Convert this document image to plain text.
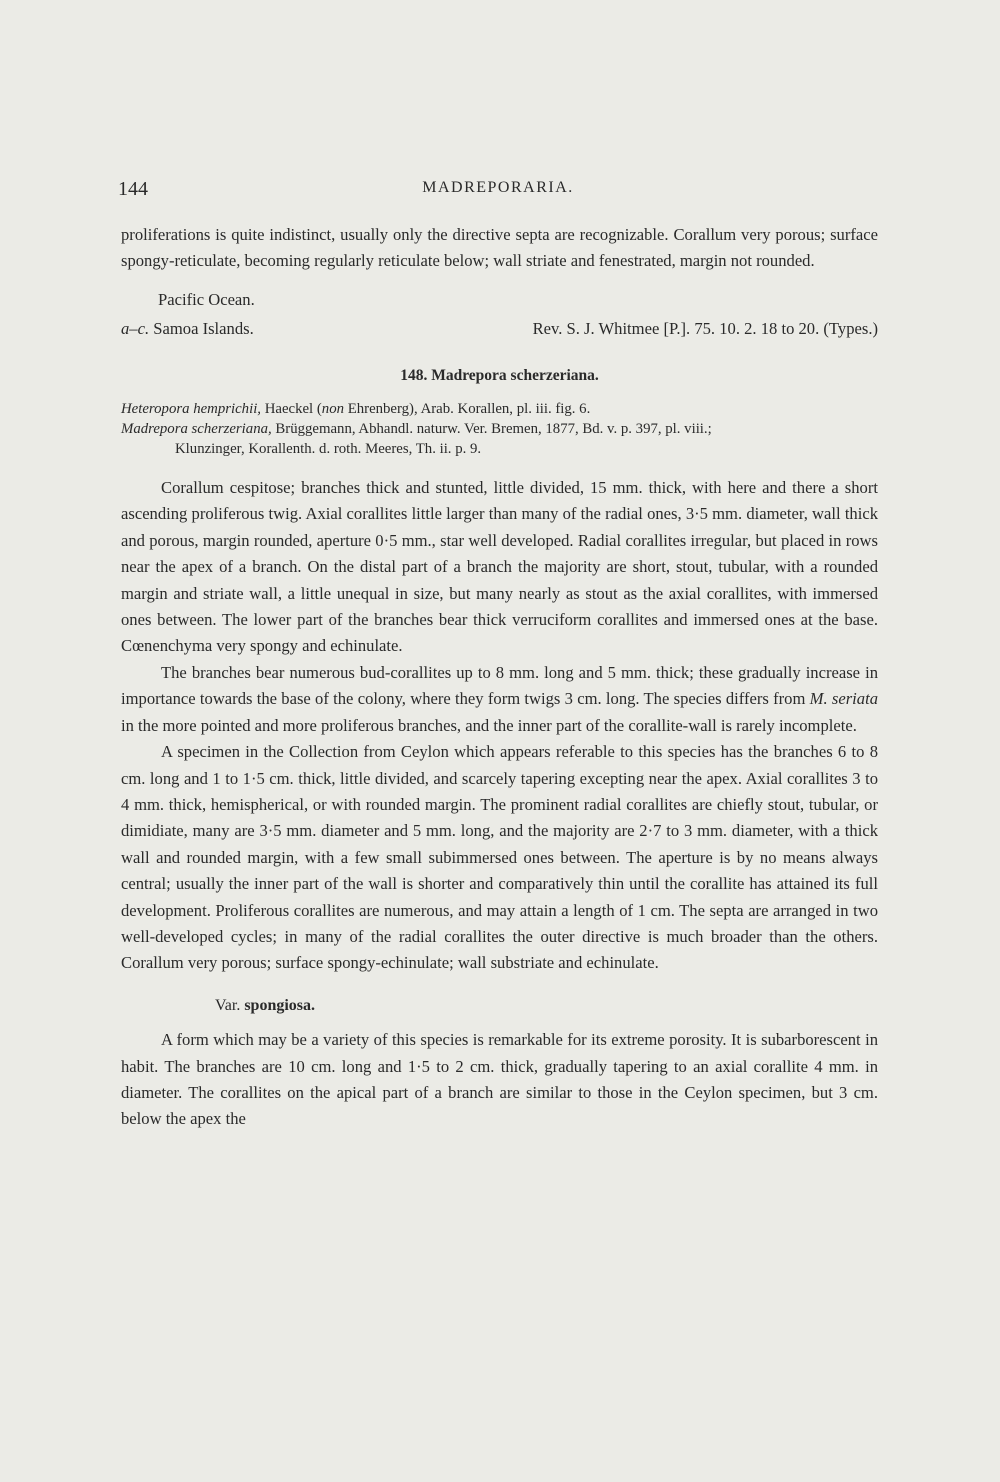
144	MADREPORARIA.

proliferations is quite indistinct, usually only the directive septa are recognizable. Corallum very porous; surface spongy-reticulate, becoming regularly reticulate below; wall striate and fenestrated, margin not rounded.

Pacific Ocean.

a–c. Samoa Islands.	Rev. S. J. Whitmee [P.]. 75. 10. 2. 18 to 20. (Types.)

148. Madrepora scherzeriana.

Heteropora hemprichii, Haeckel (non Ehrenberg), Arab. Korallen, pl. iii. fig. 6.

Madrepora scherzeriana, Brüggemann, Abhandl. naturw. Ver. Bremen, 1877, Bd. v. p. 397, pl. viii.;

Klunzinger, Korallenth. d. roth. Meeres, Th. ii. p. 9.

Corallum cespitose; branches thick and stunted, little divided, 15 mm. thick, with here and there a short ascending proliferous twig. Axial corallites little larger than many of the radial ones, 3·5 mm. diameter, wall thick and porous, margin rounded, aperture 0·5 mm., star well developed. Radial corallites irregular, but placed in rows near the apex of a branch. On the distal part of a branch the majority are short, stout, tubular, with a rounded margin and striate wall, a little unequal in size, but many nearly as stout as the axial corallites, with immersed ones between. The lower part of the branches bear thick verruciform corallites and immersed ones at the base. Cœnenchyma very spongy and echinulate.

The branches bear numerous bud-corallites up to 8 mm. long and 5 mm. thick; these gradually increase in importance towards the base of the colony, where they form twigs 3 cm. long. The species differs from M. seriata in the more pointed and more proliferous branches, and the inner part of the corallite-wall is rarely incomplete.

A specimen in the Collection from Ceylon which appears referable to this species has the branches 6 to 8 cm. long and 1 to 1·5 cm. thick, little divided, and scarcely tapering excepting near the apex. Axial corallites 3 to 4 mm. thick, hemispherical, or with rounded margin. The prominent radial corallites are chiefly stout, tubular, or dimidiate, many are 3·5 mm. diameter and 5 mm. long, and the majority are 2·7 to 3 mm. diameter, with a thick wall and rounded margin, with a few small subimmersed ones between. The aperture is by no means always central; usually the inner part of the wall is shorter and comparatively thin until the corallite has attained its full development. Proliferous corallites are numerous, and may attain a length of 1 cm. The septa are arranged in two well-developed cycles; in many of the radial corallites the outer directive is much broader than the others. Corallum very porous; surface spongy-echinulate; wall substriate and echinulate.

Var. spongiosa.

A form which may be a variety of this species is remarkable for its extreme porosity. It is subarborescent in habit. The branches are 10 cm. long and 1·5 to 2 cm. thick, gradually tapering to an axial corallite 4 mm. in diameter. The corallites on the apical part of a branch are similar to those in the Ceylon specimen, but 3 cm. below the apex the
